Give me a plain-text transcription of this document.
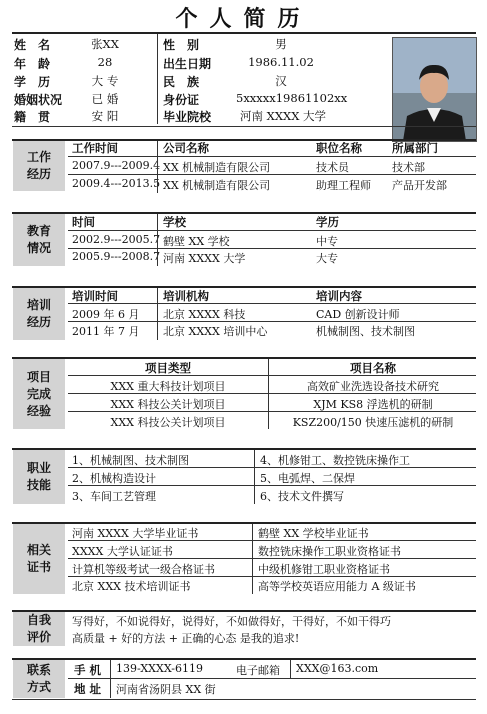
个人简历
姓　名	张XX	性　别	男
年　龄	28	出生日期	1986.11.02
学　历	大 专	民　族	汉
婚姻状况	已 婚	身份证	5xxxxx19861102xx
籍　贯	安 阳	毕业院校	河南 XXXX 大学
工作
经历
工作时间	公司名称	职位名称	所属部门
2007.9---2009.4 XX 机械制造有限公司	技术员	技术部
2009.4---2013.5 XX 机械制造有限公司	助理工程师 产品开发部
教育
情况
时间	学校	学历
2002.9---2005.7 鹤壁 XX 学校	中专
2005.9---2008.7 河南 XXXX 大学	大专
培训
经历
培训时间	培训机构	培训内容
2009 年 6 月 北京 XXXX 科技	CAD 创新设计师
2011 年 7 月 北京 XXXX 培训中心	机械制图、技术制图
项目
完成
经验
项目类型	项目名称
XXX 重大科技计划项目	高效矿业洗选设备技术研究
XXX 科技公关计划项目	XJM KS8 浮选机的研制
XXX 科技公关计划项目	KSZ200/150 快速压滤机的研制
职业
技能
1、机械制图、技术制图	4、机修钳工、数控铣床操作工
2、机械构造设计	5、电弧焊、二保焊
3、车间工艺管理	6、技术文件撰写
相关
证书
河南 XXXX 大学毕业证书	鹤壁 XX 学校毕业证书
XXXX 大学认证证书	数控铣床操作工职业资格证书
计算机等级考试一级合格证书	中级机修钳工职业资格证书
北京 XXX 技术培训证书	高等学校英语应用能力 A 级证书
自我
评价
写得好，不如说得好，说得好，不如做得好，干得好，不如干得巧
高质量 + 好的方法 + 正确的心态 是我的追求!
联系
方式
手 机 139-XXXX-6119	电子邮箱 XXX@163.com
地 址 河南省汤阴县 XX 街
